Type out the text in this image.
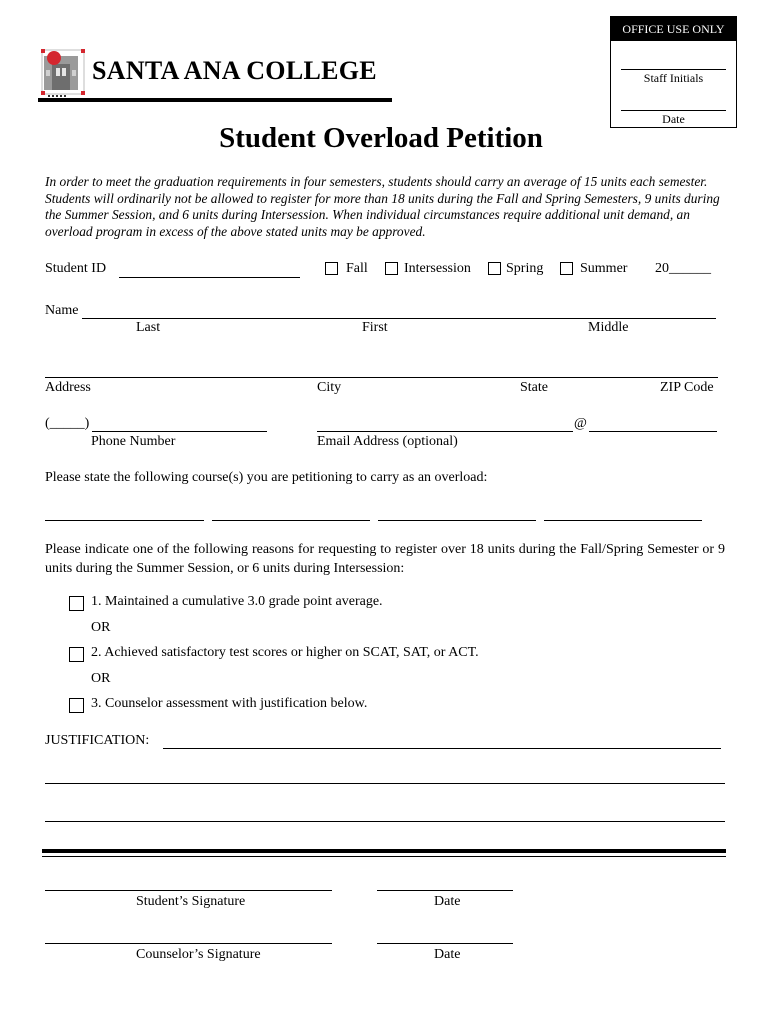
OFFICE USE ONLY
Staff Initials
Date
SANTA ANA COLLEGE
Student Overload Petition
In order to meet the graduation requirements in four semesters, students should carry an average of 15 units each semester. Students will ordinarily not be allowed to register for more than 18 units during the Fall and Spring Semesters, 9 units during the Summer Session, and 6 units during Intersession. When individual circumstances require additional unit demand, an overload program in excess of the above stated units may be approved.
Student ID	Fall	Intersession	Spring	Summer 20______
Name
Last	First	Middle
Address	City	State	ZIP Code
(_____)
Phone Number
@
Email Address (optional)
Please state the following course(s) you are petitioning to carry as an overload:
Please indicate one of the following reasons for requesting to register over 18 units during the Fall/Spring Semester or 9 units during the Summer Session, or 6 units during Intersession:
1. Maintained a cumulative 3.0 grade point average.
OR
2. Achieved satisfactory test scores or higher on SCAT, SAT, or ACT.
OR
3. Counselor assessment with justification below.
JUSTIFICATION:
Student’s Signature	Date
Counselor’s Signature	Date
